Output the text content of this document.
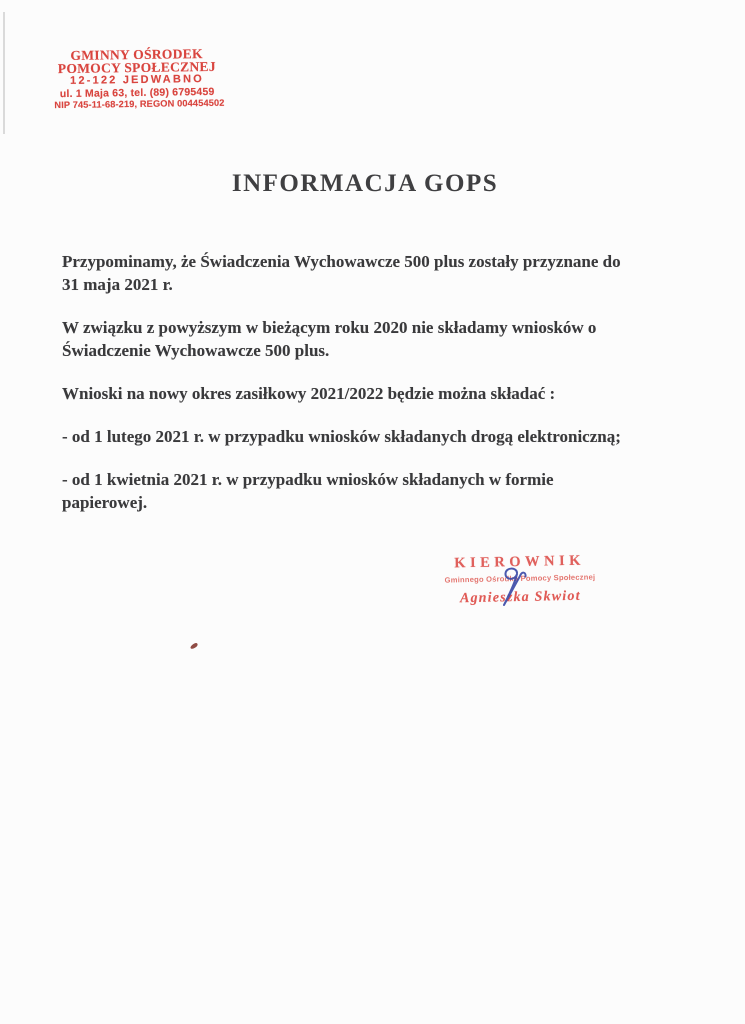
GMINNY OŚRODEK
POMOCY SPOŁECZNEJ
12-122 JEDWABNO
ul. 1 Maja 63, tel. (89) 6795459
NIP 745-11-68-219, REGON 004454502
INFORMACJA GOPS

Przypominamy, że Świadczenia Wychowawcze 500 plus zostały przyznane do
31 maja 2021 r.

W związku z powyższym w bieżącym roku 2020 nie składamy wniosków o
Świadczenie Wychowawcze 500 plus.

Wnioski na nowy okres zasiłkowy 2021/2022 będzie można składać :

- od 1 lutego 2021 r. w przypadku wniosków składanych drogą elektroniczną;

- od 1 kwietnia 2021 r. w przypadku wniosków składanych w formie
papierowej.

KIEROWNIK
Gminnego Ośrodka Pomocy Społecznej
Agnieszka Skwiot
